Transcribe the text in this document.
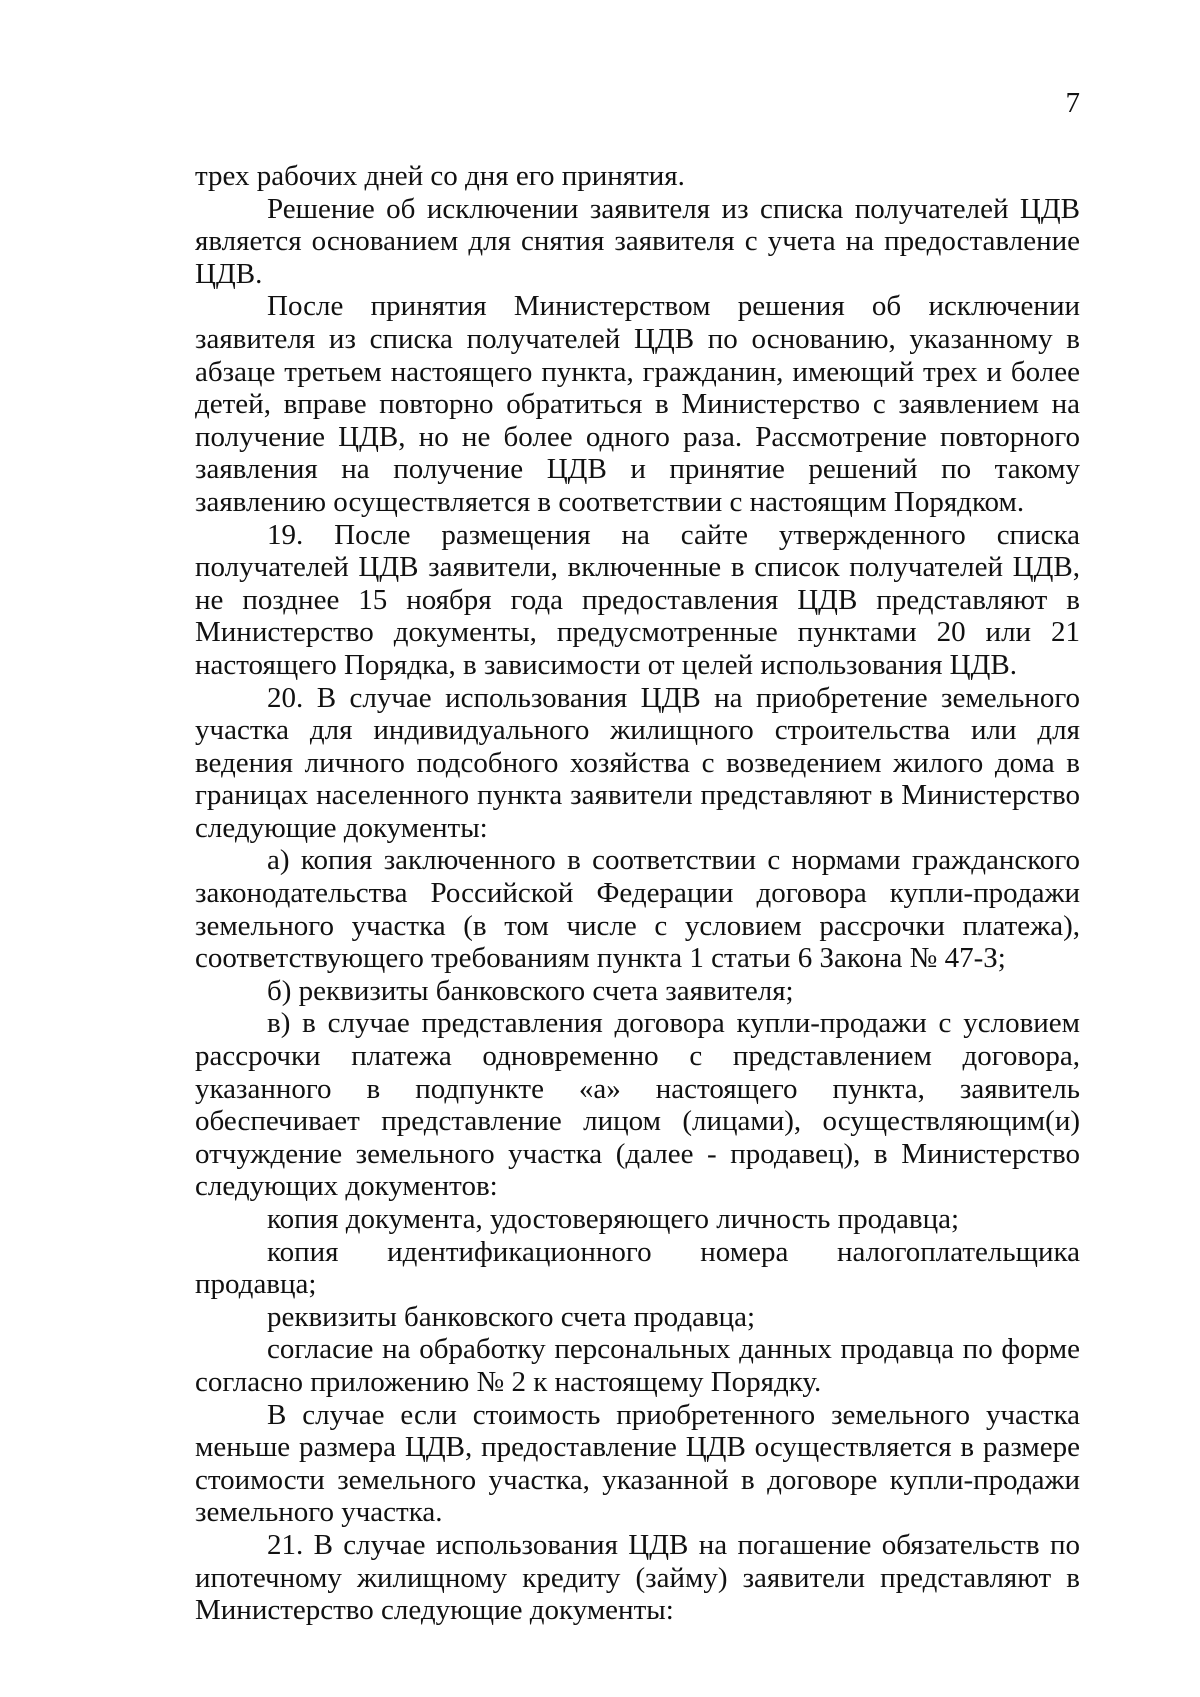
7

трех рабочих дней со дня его принятия.

Решение об исключении заявителя из списка получателей ЦДВ является основанием для снятия заявителя с учета на предоставление ЦДВ.

После принятия Министерством решения об исключении заявителя из списка получателей ЦДВ по основанию, указанному в абзаце третьем настоящего пункта, гражданин, имеющий трех и более детей, вправе повторно обратиться в Министерство с заявлением на получение ЦДВ, но не более одного раза. Рассмотрение повторного заявления на получение ЦДВ и принятие решений по такому заявлению осуществляется в соответствии с настоящим Порядком.

19. После размещения на сайте утвержденного списка получателей ЦДВ заявители, включенные в список получателей ЦДВ, не позднее 15 ноября года предоставления ЦДВ представляют в Министерство документы, предусмотренные пунктами 20 или 21 настоящего Порядка, в зависимости от целей использования ЦДВ.

20. В случае использования ЦДВ на приобретение земельного участка для индивидуального жилищного строительства или для ведения личного подсобного хозяйства с возведением жилого дома в границах населенного пункта заявители представляют в Министерство следующие документы:

а) копия заключенного в соответствии с нормами гражданского законодательства Российской Федерации договора купли-продажи земельного участка (в том числе с условием рассрочки платежа), соответствующего требованиям пункта 1 статьи 6 Закона № 47-З;

б) реквизиты банковского счета заявителя;

в) в случае представления договора купли-продажи с условием рассрочки платежа одновременно с представлением договора, указанного в подпункте «а» настоящего пункта, заявитель обеспечивает представление лицом (лицами), осуществляющим(и) отчуждение земельного участка (далее - продавец), в Министерство следующих документов:

копия документа, удостоверяющего личность продавца;

копия идентификационного номера налогоплательщика продавца;

реквизиты банковского счета продавца;

согласие на обработку персональных данных продавца по форме согласно приложению № 2 к настоящему Порядку.

В случае если стоимость приобретенного земельного участка меньше размера ЦДВ, предоставление ЦДВ осуществляется в размере стоимости земельного участка, указанной в договоре купли-продажи земельного участка.

21. В случае использования ЦДВ на погашение обязательств по ипотечному жилищному кредиту (займу) заявители представляют в Министерство следующие документы:
